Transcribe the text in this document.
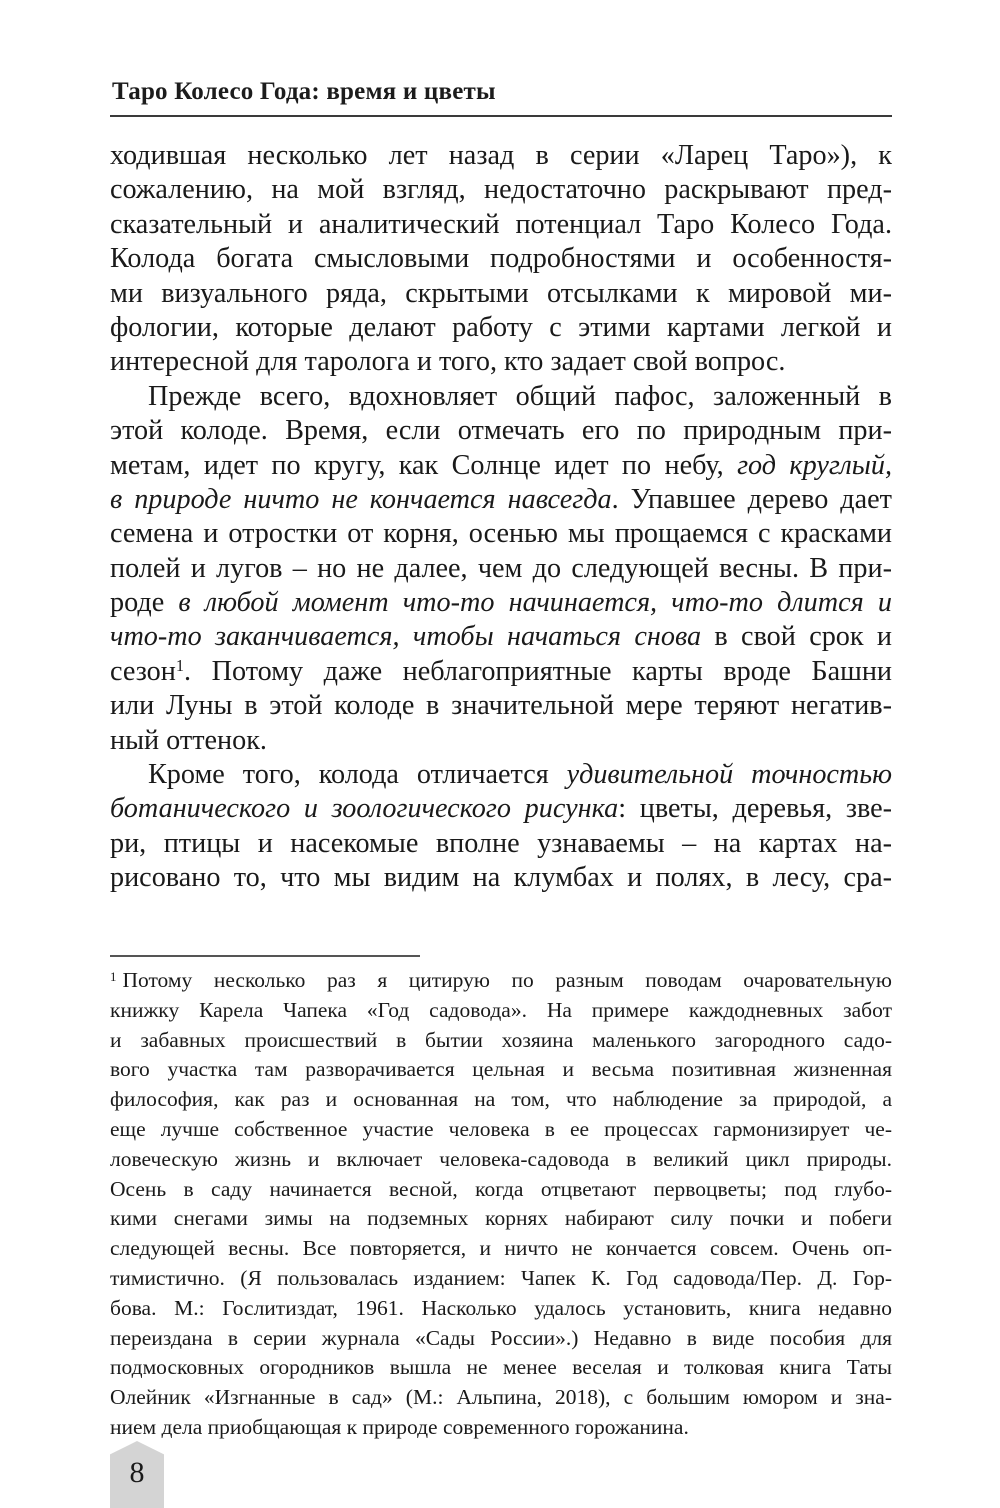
Таро Колесо Года: время и цветы
ходившая несколько лет назад в серии «Ларец Таро»), к
сожалению, на мой взгляд, недостаточно раскрывают пред-
сказательный и аналитический потенциал Таро Колесо Года.
Колода богата смысловыми подробностями и особенностя-
ми визуального ряда, скрытыми отсылками к мировой ми-
фологии, которые делают работу с этими картами легкой и
интересной для таролога и того, кто задает свой вопрос.
Прежде всего, вдохновляет общий пафос, заложенный в
этой колоде. Время, если отмечать его по природным при-
метам, идет по кругу, как Солнце идет по небу, год круглый,
в природе ничто не кончается навсегда. Упавшее дерево дает
семена и отростки от корня, осенью мы прощаемся с красками
полей и лугов – но не далее, чем до следующей весны. В при-
роде в любой момент что-то начинается, что-то длится и
что-то заканчивается, чтобы начаться снова в свой срок и
сезон$^1$. Потому даже неблагоприятные карты вроде Башни
или Луны в этой колоде в значительной мере теряют негатив-
ный оттенок.
Кроме того, колода отличается удивительной точностью
ботанического и зоологического рисунка: цветы, деревья, зве-
ри, птицы и насекомые вполне узнаваемы – на картах на-
рисовано то, что мы видим на клумбах и полях, в лесу, сра-
$^1$ Потому несколько раз я цитирую по разным поводам очаровательную
книжку Карела Чапека «Год садовода». На примере каждодневных забот
и забавных происшествий в бытии хозяина маленького загородного садо-
вого участка там разворачивается цельная и весьма позитивная жизненная
философия, как раз и основанная на том, что наблюдение за природой, а
еще лучше собственное участие человека в ее процессах гармонизирует че-
ловеческую жизнь и включает человека-садовода в великий цикл природы.
Осень в саду начинается весной, когда отцветают первоцветы; под глубо-
кими снегами зимы на подземных корнях набирают силу почки и побеги
следующей весны. Все повторяется, и ничто не кончается совсем. Очень оп-
тимистично. (Я пользовалась изданием: Чапек К. Год садовода/Пер. Д. Гор-
бова. М.: Гослитиздат, 1961. Насколько удалось установить, книга недавно
переиздана в серии журнала «Сады России».) Недавно в виде пособия для
подмосковных огородников вышла не менее веселая и толковая книга Таты
Олейник «Изгнанные в сад» (М.: Альпина, 2018), с большим юмором и зна-
нием дела приобщающая к природе современного горожанина.
8
